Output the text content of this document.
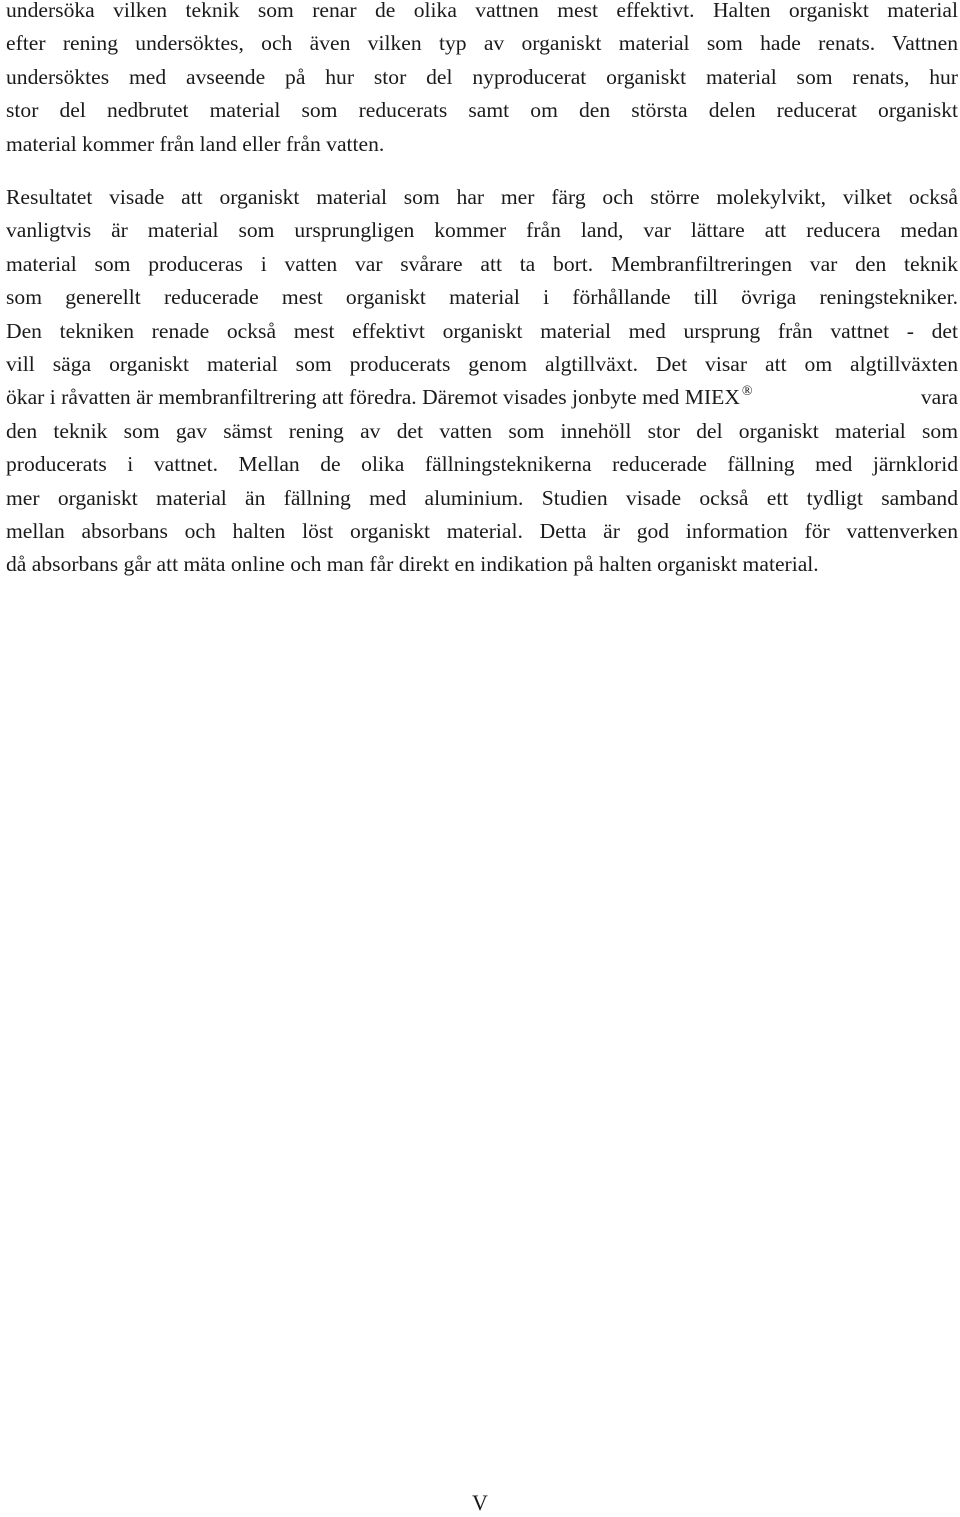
undersöka vilken teknik som renar de olika vattnen mest effektivt. Halten organiskt material
efter rening undersöktes, och även vilken typ av organiskt material som hade renats. Vattnen
undersöktes med avseende på hur stor del nyproducerat organiskt material som renats, hur
stor del nedbrutet material som reducerats samt om den största delen reducerat organiskt
material kommer från land eller från vatten.
Resultatet visade att organiskt material som har mer färg och större molekylvikt, vilket också
vanligtvis är material som ursprungligen kommer från land, var lättare att reducera medan
material som produceras i vatten var svårare att ta bort. Membranfiltreringen var den teknik
som generellt reducerade mest organiskt material i förhållande till övriga reningstekniker.
Den tekniken renade också mest effektivt organiskt material med ursprung från vattnet - det
vill säga organiskt material som producerats genom algtillväxt. Det visar att om algtillväxten
ökar i råvatten är membranfiltrering att föredra. Däremot visades jonbyte med MIEX ®	vara
den teknik som gav sämst rening av det vatten som innehöll stor del organiskt material som
producerats i vattnet. Mellan de olika fällningsteknikerna reducerade fällning med järnklorid
mer organiskt material än fällning med aluminium. Studien visade också ett tydligt samband
mellan absorbans och halten löst organiskt material. Detta är god information för vattenverken
då absorbans går att mäta online och man får direkt en indikation på halten organiskt material.
V
